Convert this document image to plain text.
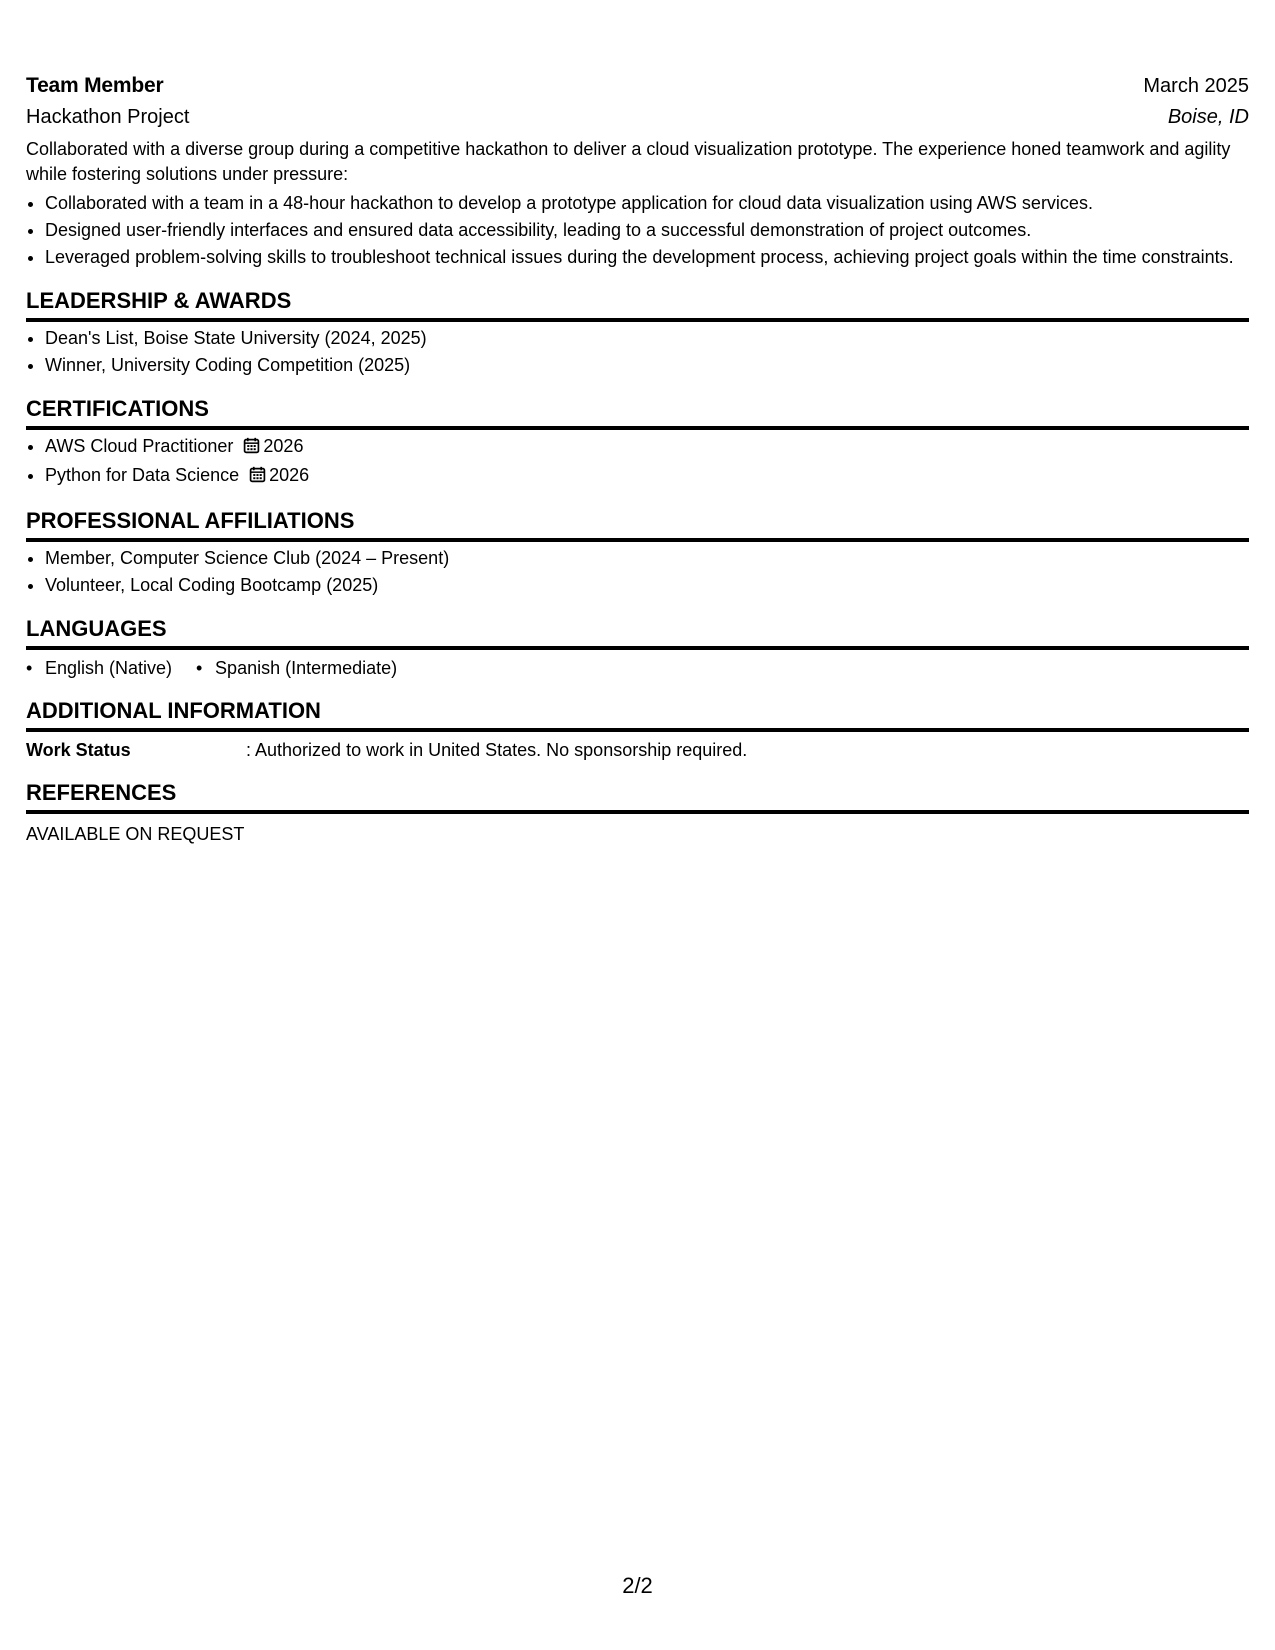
Team Member	March 2025
Hackathon Project	Boise, ID
Collaborated with a diverse group during a competitive hackathon to deliver a cloud visualization prototype. The experience honed teamwork and agility while fostering solutions under pressure:
• Collaborated with a team in a 48-hour hackathon to develop a prototype application for cloud data visualization using AWS services.
• Designed user-friendly interfaces and ensured data accessibility, leading to a successful demonstration of project outcomes.
• Leveraged problem-solving skills to troubleshoot technical issues during the development process, achieving project goals within the time constraints.
LEADERSHIP & AWARDS
• Dean's List, Boise State University (2024, 2025)
• Winner, University Coding Competition (2025)
CERTIFICATIONS
• AWS Cloud Practitioner 2026
• Python for Data Science 2026
PROFESSIONAL AFFILIATIONS
• Member, Computer Science Club (2024 – Present)
• Volunteer, Local Coding Bootcamp (2025)
LANGUAGES
• English (Native)
•	Spanish (Intermediate)
ADDITIONAL INFORMATION
Work Status	: Authorized to work in United States. No sponsorship required.
REFERENCES
AVAILABLE ON REQUEST
2/2
